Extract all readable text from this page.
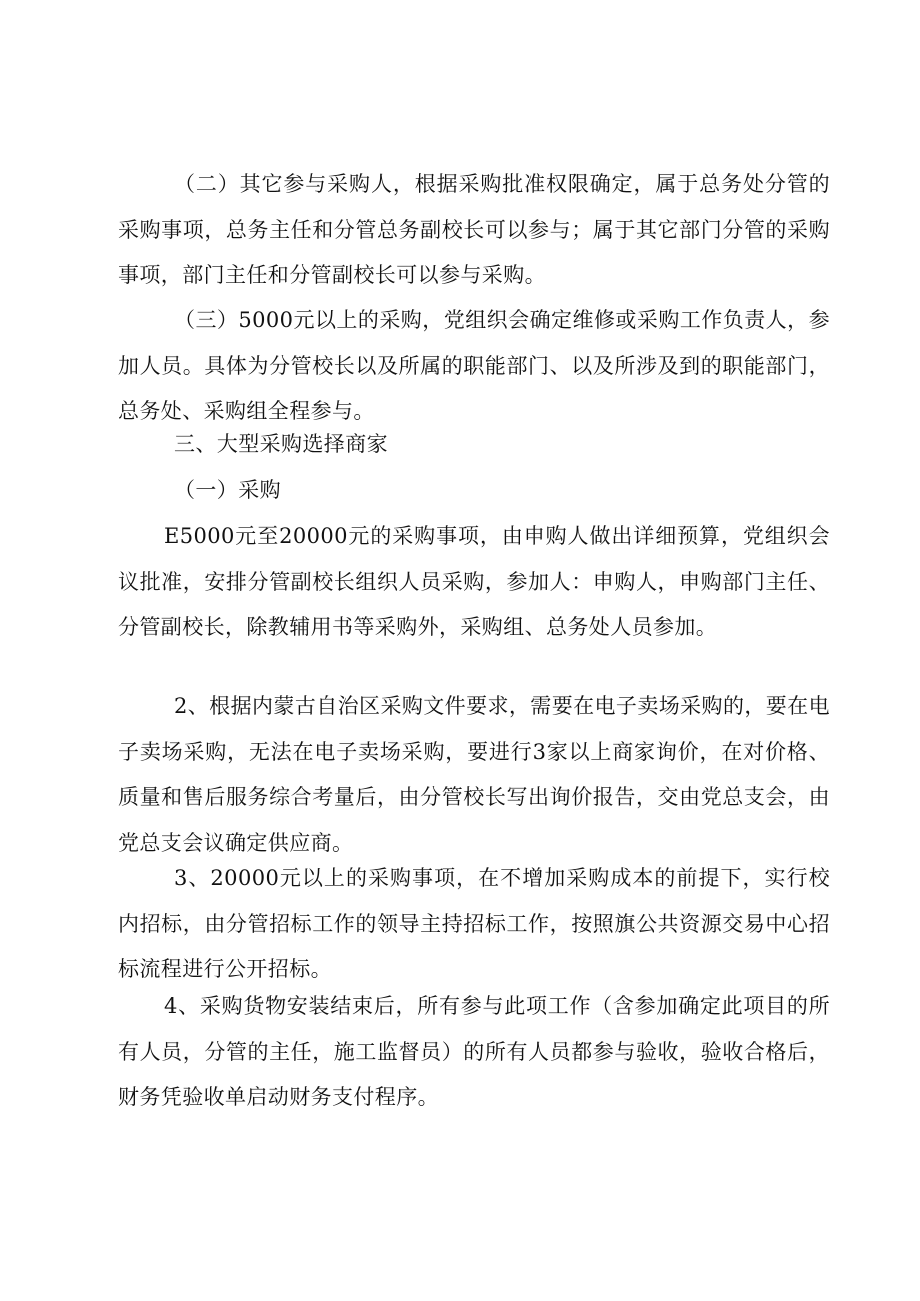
（二）其它参与采购人，根据采购批准权限确定，属于总务处分管的采购事项，总务主任和分管总务副校长可以参与；属于其它部门分管的采购事项，部门主任和分管副校长可以参与采购。

（三）5000元以上的采购，党组织会确定维修或采购工作负责人，参加人员。具体为分管校长以及所属的职能部门、以及所涉及到的职能部门，总务处、采购组全程参与。

三、大型采购选择商家

（一）采购

E5000元至20000元的采购事项，由申购人做出详细预算，党组织会议批准，安排分管副校长组织人员采购，参加人：申购人，申购部门主任、分管副校长，除教辅用书等采购外，采购组、总务处人员参加。

2、根据内蒙古自治区采购文件要求，需要在电子卖场采购的，要在电子卖场采购，无法在电子卖场采购，要进行3家以上商家询价，在对价格、质量和售后服务综合考量后，由分管校长写出询价报告，交由党总支会，由党总支会议确定供应商。

3、20000元以上的采购事项，在不增加采购成本的前提下，实行校内招标，由分管招标工作的领导主持招标工作，按照旗公共资源交易中心招标流程进行公开招标。

4、采购货物安装结束后，所有参与此项工作（含参加确定此项目的所有人员，分管的主任，施工监督员）的所有人员都参与验收，验收合格后，财务凭验收单启动财务支付程序。
